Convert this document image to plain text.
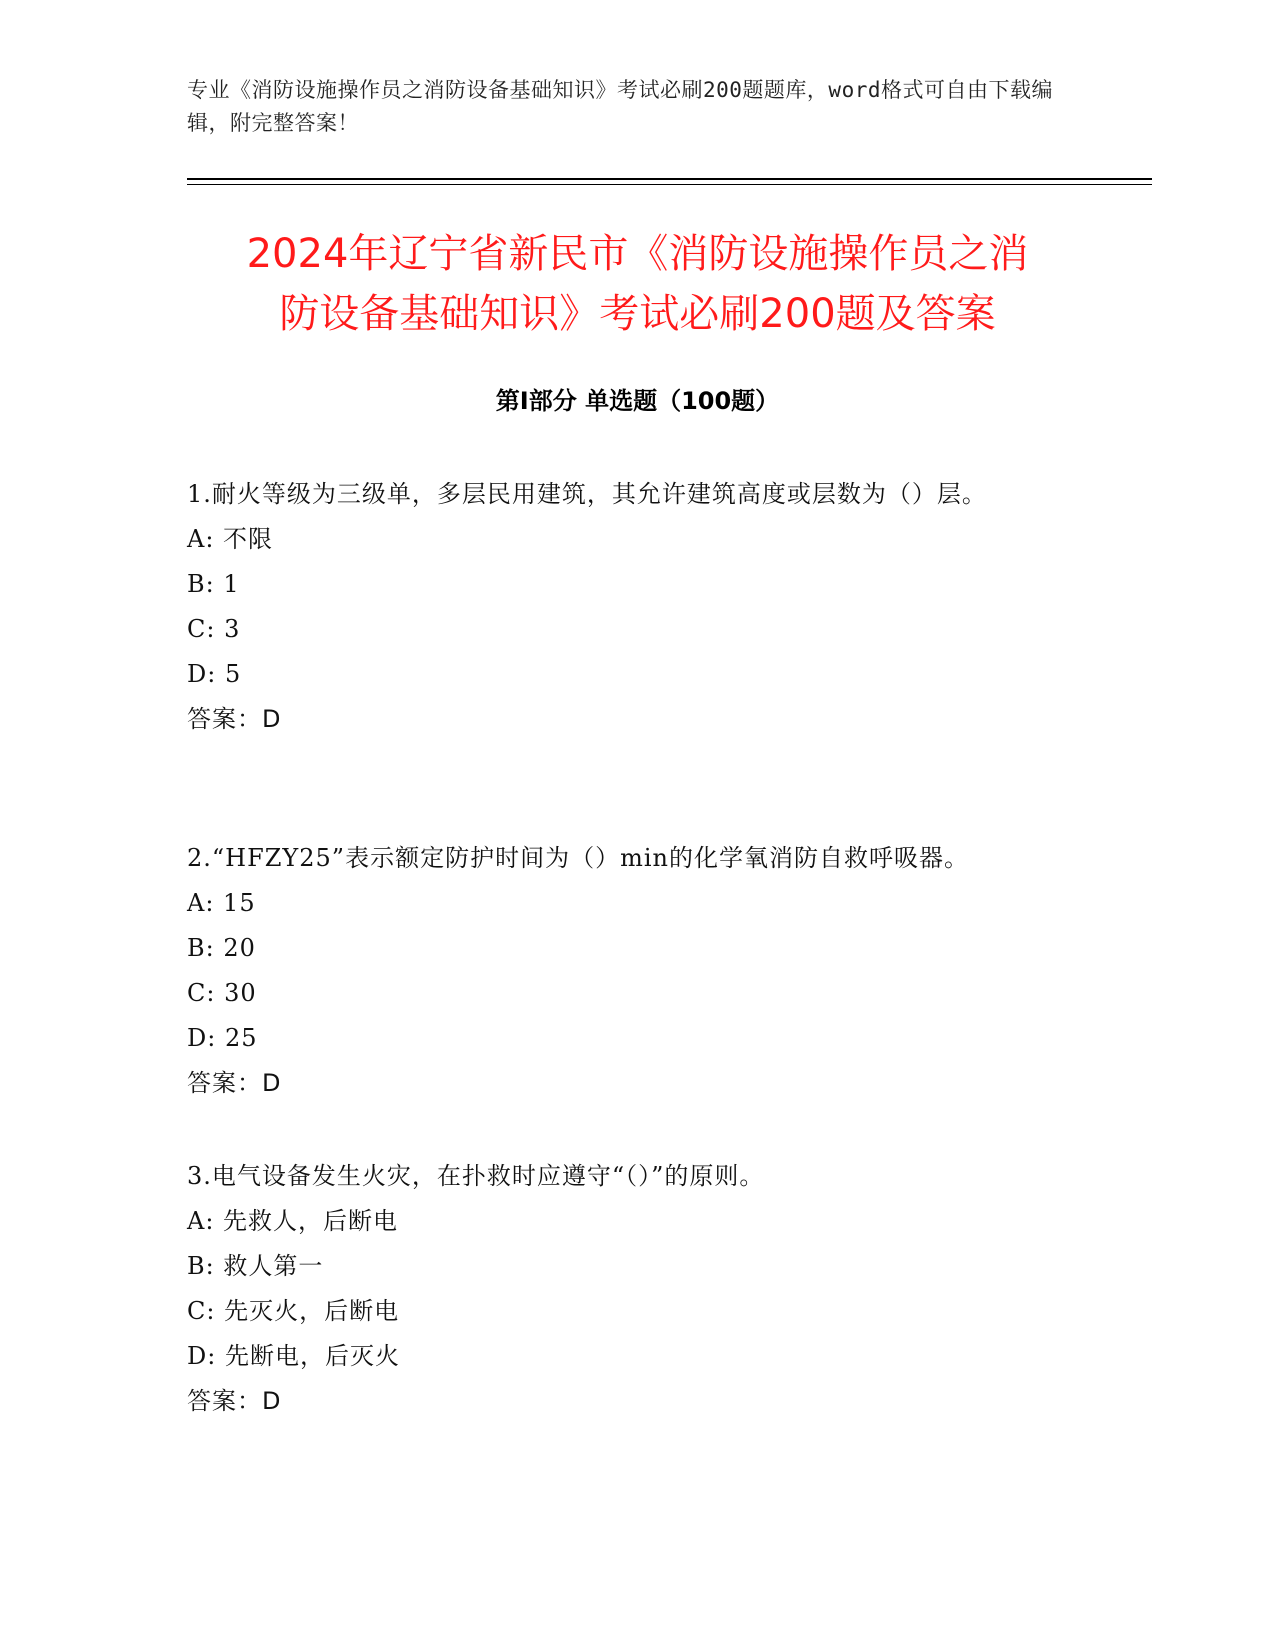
专业《消防设施操作员之消防设备基础知识》考试必刷200题题库，word格式可自由下载编辑，附完整答案！
2024年辽宁省新民市《消防设施操作员之消
防设备基础知识》考试必刷200题及答案
第Ⅰ部分 单选题（100题）

1.耐火等级为三级单，多层民用建筑，其允许建筑高度或层数为（）层。

A: 不限

B: 1

C: 3

D: 5

答案：D

2.“HFZY25”表示额定防护时间为（）min的化学氧消防自救呼吸器。

A: 15

B: 20

C: 30

D: 25

答案：D

3.电气设备发生火灾，在扑救时应遵守“（）”的原则。

A: 先救人，后断电

B: 救人第一

C: 先灭火，后断电

D: 先断电，后灭火

答案：D
